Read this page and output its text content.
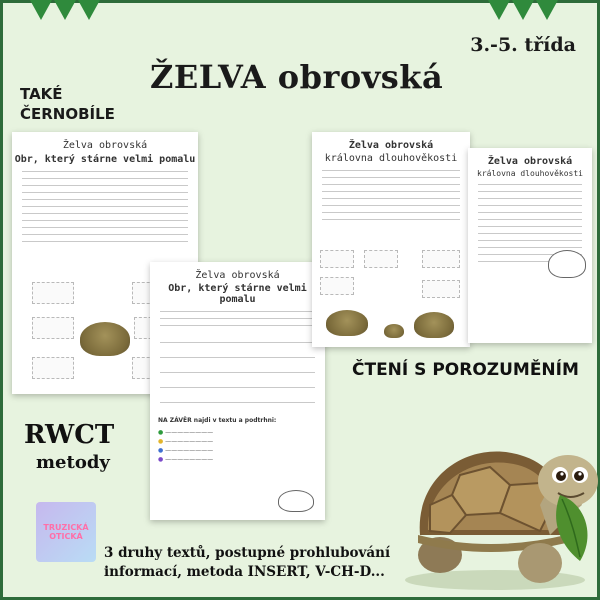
3.-5. třída
TAKÉ ČERNOBÍLE
ŽELVA obrovská
Želva obrovská
Obr, který stárne velmi pomalu
Želva obrovská
Obr, který stárne velmi pomalu
NA ZÁVĚR najdi v textu a podtrhni:
● ————————
● ————————
● ————————
● ————————
Želva obrovská
královna dlouhověkosti	Želva obrovská
královna dlouhověkosti
ČTENÍ S POROZUMĚNÍM
RWCT
metody
TRUZICKÁ OTICKÁ
3 druhy textů, postupné prohlubování informací, metoda INSERT, V-CH-D...
